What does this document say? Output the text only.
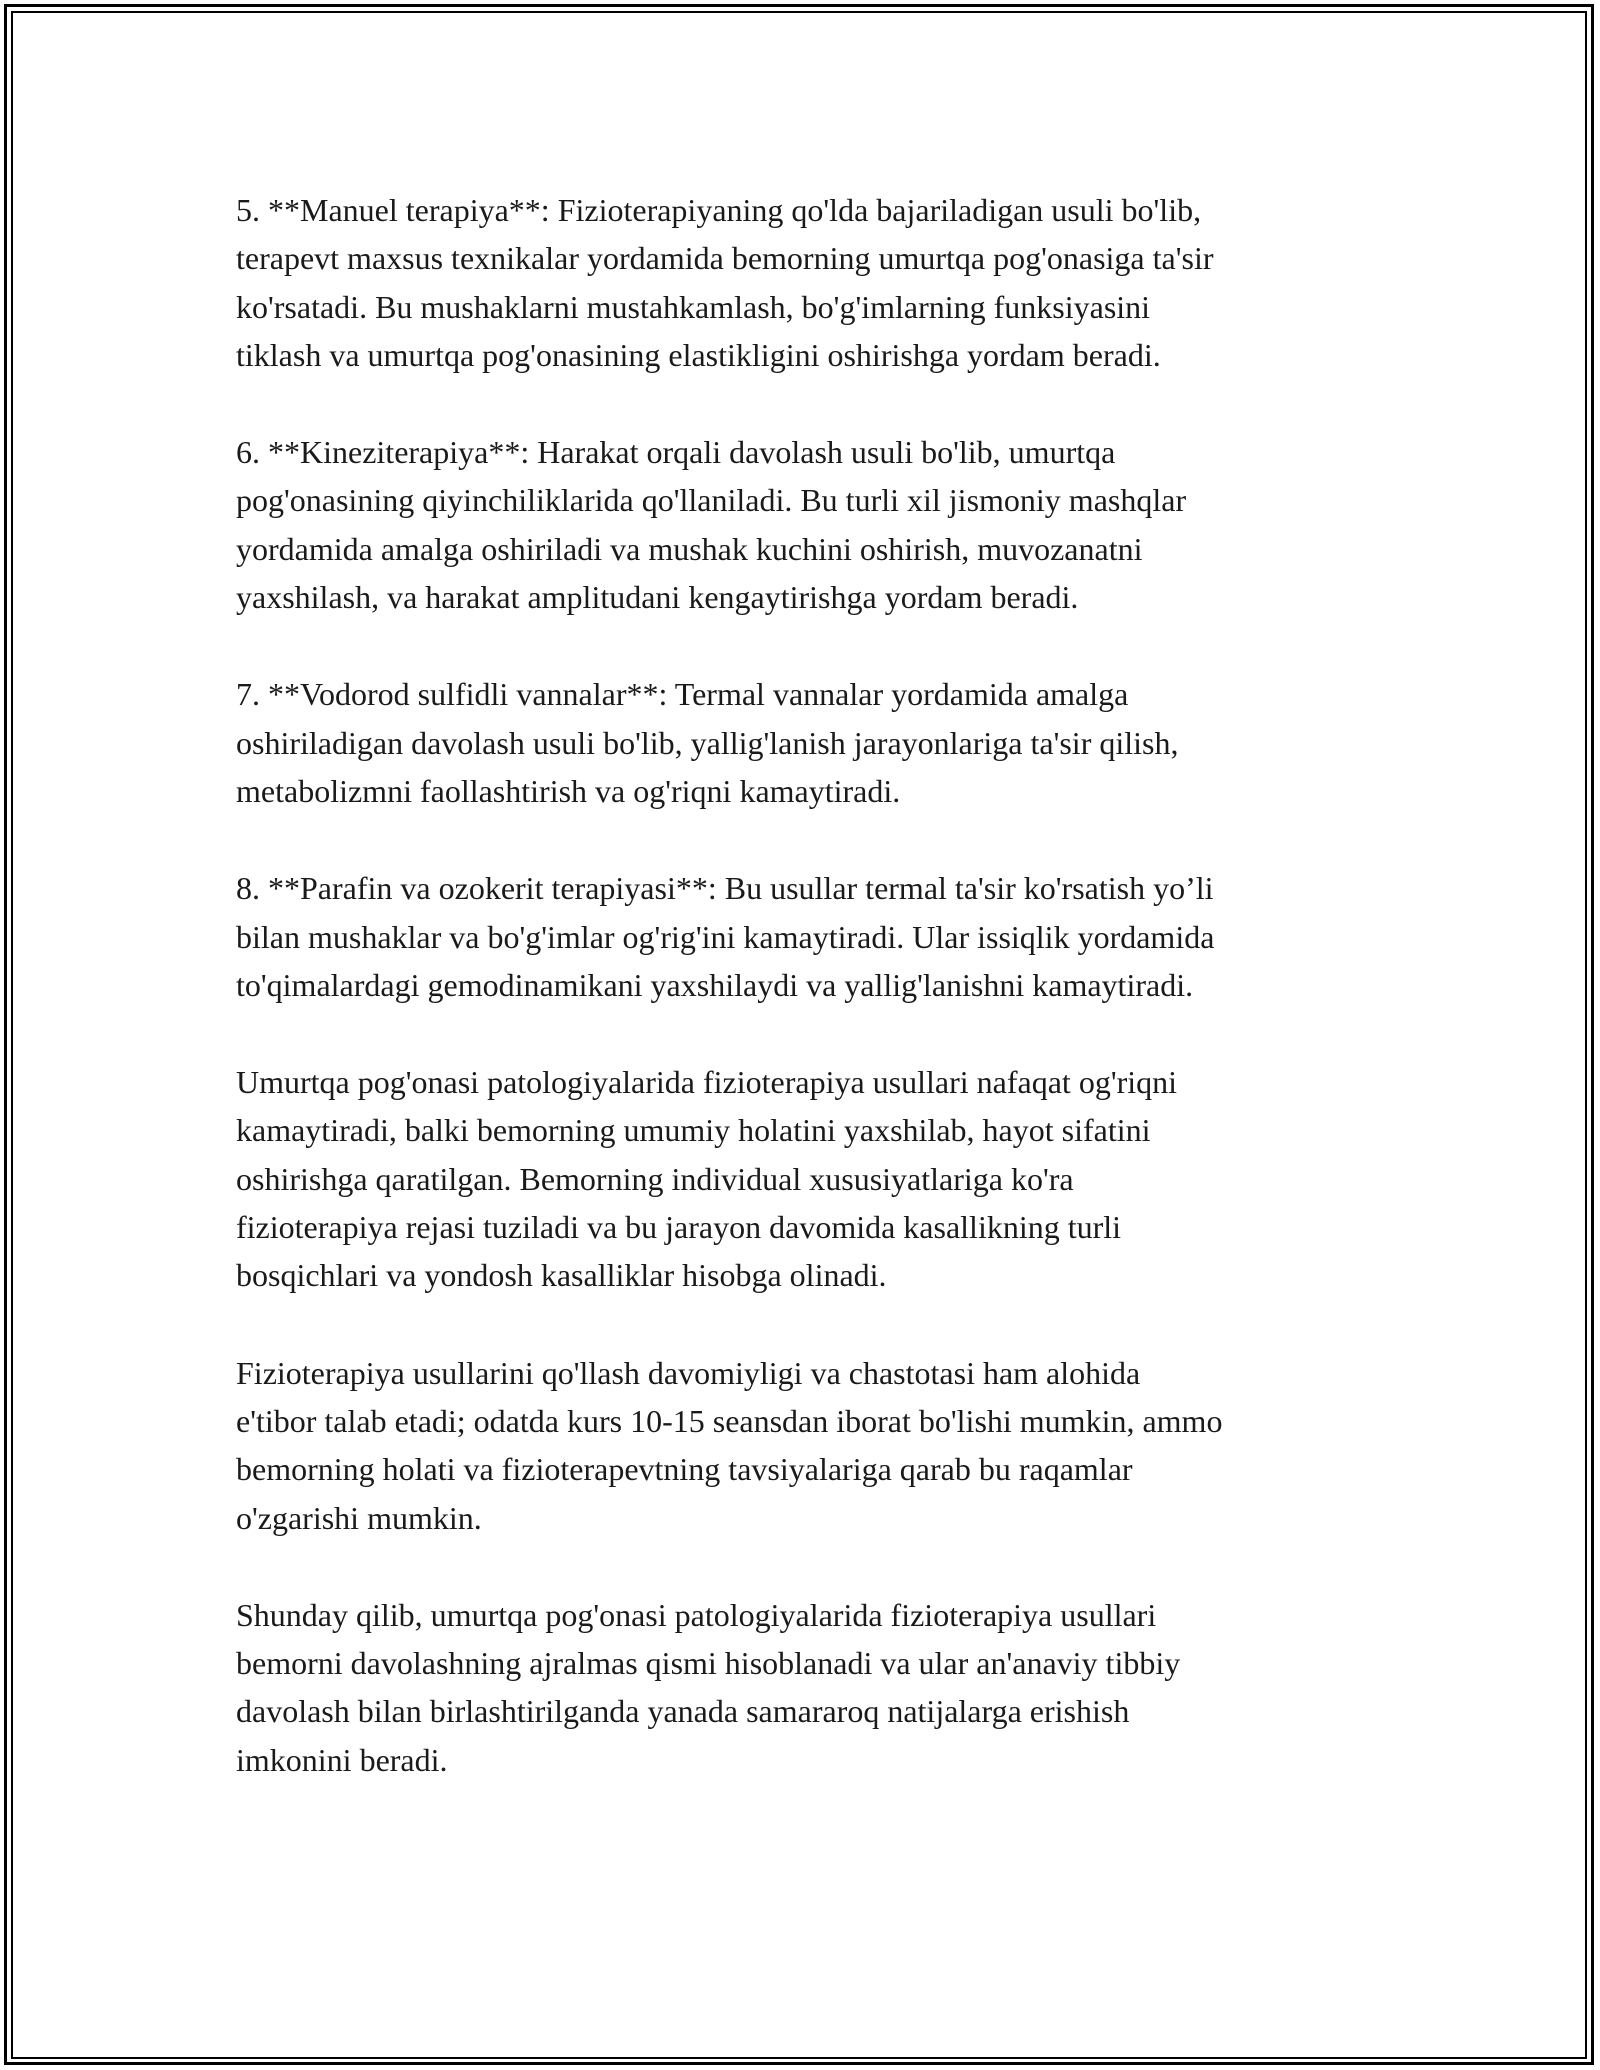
5. **Manuel terapiya**: Fizioterapiyaning qo'lda bajariladigan usuli bo'lib,
terapevt maxsus texnikalar yordamida bemorning umurtqa pog'onasiga ta'sir
ko'rsatadi. Bu mushaklarni mustahkamlash, bo'g'imlarning funksiyasini
tiklash va umurtqa pog'onasining elastikligini oshirishga yordam beradi.

6. **Kineziterapiya**: Harakat orqali davolash usuli bo'lib, umurtqa
pog'onasining qiyinchiliklarida qo'llaniladi. Bu turli xil jismoniy mashqlar
yordamida amalga oshiriladi va mushak kuchini oshirish, muvozanatni
yaxshilash, va harakat amplitudani kengaytirishga yordam beradi.

7. **Vodorod sulfidli vannalar**: Termal vannalar yordamida amalga
oshiriladigan davolash usuli bo'lib, yallig'lanish jarayonlariga ta'sir qilish,
metabolizmni faollashtirish va og'riqni kamaytiradi.

8. **Parafin va ozokerit terapiyasi**: Bu usullar termal ta'sir ko'rsatish yo’li
bilan mushaklar va bo'g'imlar og'rig'ini kamaytiradi. Ular issiqlik yordamida
to'qimalardagi gemodinamikani yaxshilaydi va yallig'lanishni kamaytiradi.

Umurtqa pog'onasi patologiyalarida fizioterapiya usullari nafaqat og'riqni
kamaytiradi, balki bemorning umumiy holatini yaxshilab, hayot sifatini
oshirishga qaratilgan. Bemorning individual xususiyatlariga ko'ra
fizioterapiya rejasi tuziladi va bu jarayon davomida kasallikning turli
bosqichlari va yondosh kasalliklar hisobga olinadi.

Fizioterapiya usullarini qo'llash davomiyligi va chastotasi ham alohida
e'tibor talab etadi; odatda kurs 10-15 seansdan iborat bo'lishi mumkin, ammo
bemorning holati va fizioterapevtning tavsiyalariga qarab bu raqamlar
o'zgarishi mumkin.

Shunday qilib, umurtqa pog'onasi patologiyalarida fizioterapiya usullari
bemorni davolashning ajralmas qismi hisoblanadi va ular an'anaviy tibbiy
davolash bilan birlashtirilganda yanada samararoq natijalarga erishish
imkonini beradi.
